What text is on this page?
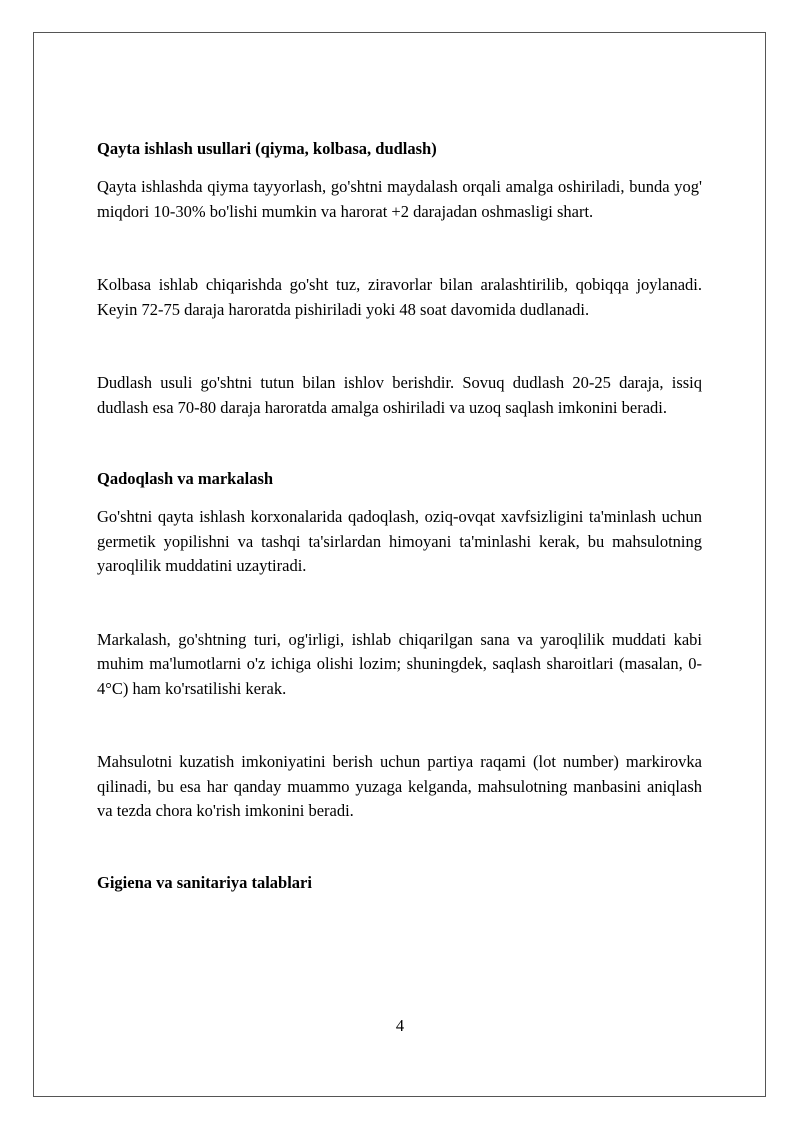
Qayta ishlash usullari (qiyma, kolbasa, dudlash)

Qayta ishlashda qiyma tayyorlash, go'shtni maydalash orqali amalga oshiriladi, bunda yog' miqdori 10-30% bo'lishi mumkin va harorat +2 darajadan oshmasligi shart.

Kolbasa ishlab chiqarishda go'sht tuz, ziravorlar bilan aralashtirilib, qobiqqa joylanadi. Keyin 72-75 daraja haroratda pishiriladi yoki 48 soat davomida dudlanadi.

Dudlash usuli go'shtni tutun bilan ishlov berishdir. Sovuq dudlash 20-25 daraja, issiq dudlash esa 70-80 daraja haroratda amalga oshiriladi va uzoq saqlash imkonini beradi.

Qadoqlash va markalash

Go'shtni qayta ishlash korxonalarida qadoqlash, oziq-ovqat xavfsizligini ta'minlash uchun germetik yopilishni va tashqi ta'sirlardan himoyani ta'minlashi kerak, bu mahsulotning yaroqlilik muddatini uzaytiradi.

Markalash, go'shtning turi, og'irligi, ishlab chiqarilgan sana va yaroqlilik muddati kabi muhim ma'lumotlarni o'z ichiga olishi lozim; shuningdek, saqlash sharoitlari (masalan, 0-4°C) ham ko'rsatilishi kerak.

Mahsulotni kuzatish imkoniyatini berish uchun partiya raqami (lot number) markirovka qilinadi, bu esa har qanday muammo yuzaga kelganda, mahsulotning manbasini aniqlash va tezda chora ko'rish imkonini beradi.

Gigiena va sanitariya talablari

4
